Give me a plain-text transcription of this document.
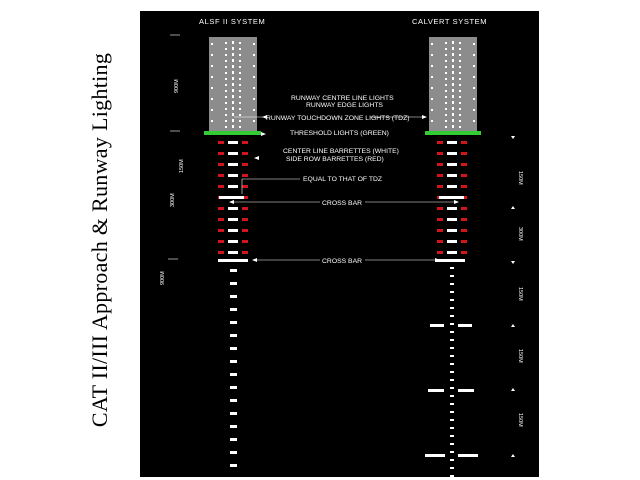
CAT II/III Approach & Runway Lighting
ALSF II SYSTEM	CALVERT SYSTEM
RUNWAY CENTRE LINE LIGHTS
RUNWAY EDGE LIGHTS
RUNWAY TOUCHDOWN ZONE LIGHTS (TDZ)
THRESHOLD LIGHTS (GREEN)
CENTER LINE BARRETTES (WHITE)
SIDE ROW BARRETTES (RED)
EQUAL TO THAT OF TDZ
CROSS BAR
CROSS BAR
900M
150M
300M
900M
150M
300M
150M
150M
150M
